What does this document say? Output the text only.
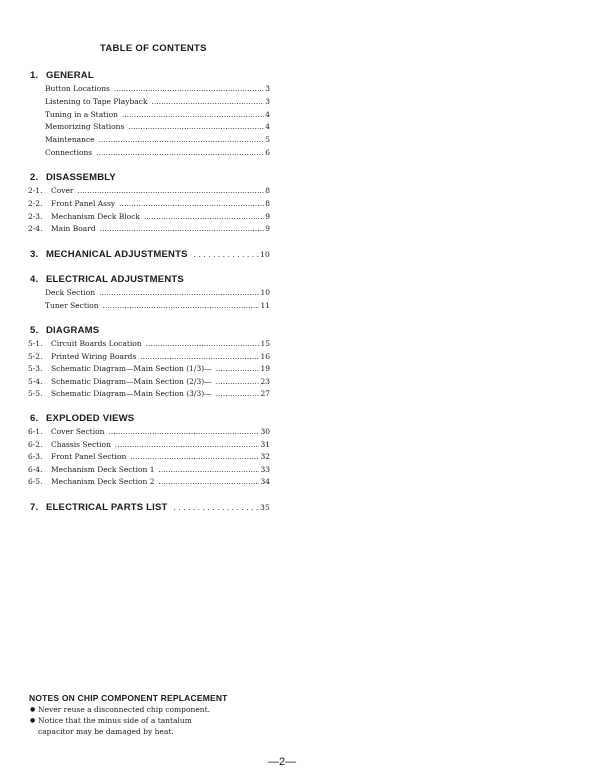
TABLE OF CONTENTS
1. GENERAL
Button Locations .....	3
Listening to Tape Playback .....	3
Tuning in a Station .....	4
Memorizing Stations .....	4
Maintenance .....	5
Connections .....	6
2. DISASSEMBLY
2-1.	Cover .....	8
2-2.	Front Panel Assy .....	8
2-3.	Mechanism Deck Block .....	9
2-4.	Main Board .....	9
3. MECHANICAL ADJUSTMENTS . . .	10
4. ELECTRICAL ADJUSTMENTS
Deck Section .....	10
Tuner Section .....	11
5. DIAGRAMS
5-1.	Circuit Boards Location .....	15
5-2.	Printed Wiring Boards .....	16
5-3.	Schematic Diagram—Main Section (1/3)— .....	19
5-4.	Schematic Diagram—Main Section (2/3)— .....	23
5-5.	Schematic Diagram—Main Section (3/3)— .....	27
6. EXPLODED VIEWS
6-1.	Cover Section .....	30
6-2.	Chassis Section .....	31
6-3.	Front Panel Section .....	32
6-4.	Mechanism Deck Section 1 .....	33
6-5.	Mechanism Deck Section 2 .....	34
7. ELECTRICAL PARTS LIST . . .	35
NOTES ON CHIP COMPONENT REPLACEMENT
● Never reuse a disconnected chip component.
● Notice that the minus side of a tantalum
capacitor may be damaged by heat.
—2—
